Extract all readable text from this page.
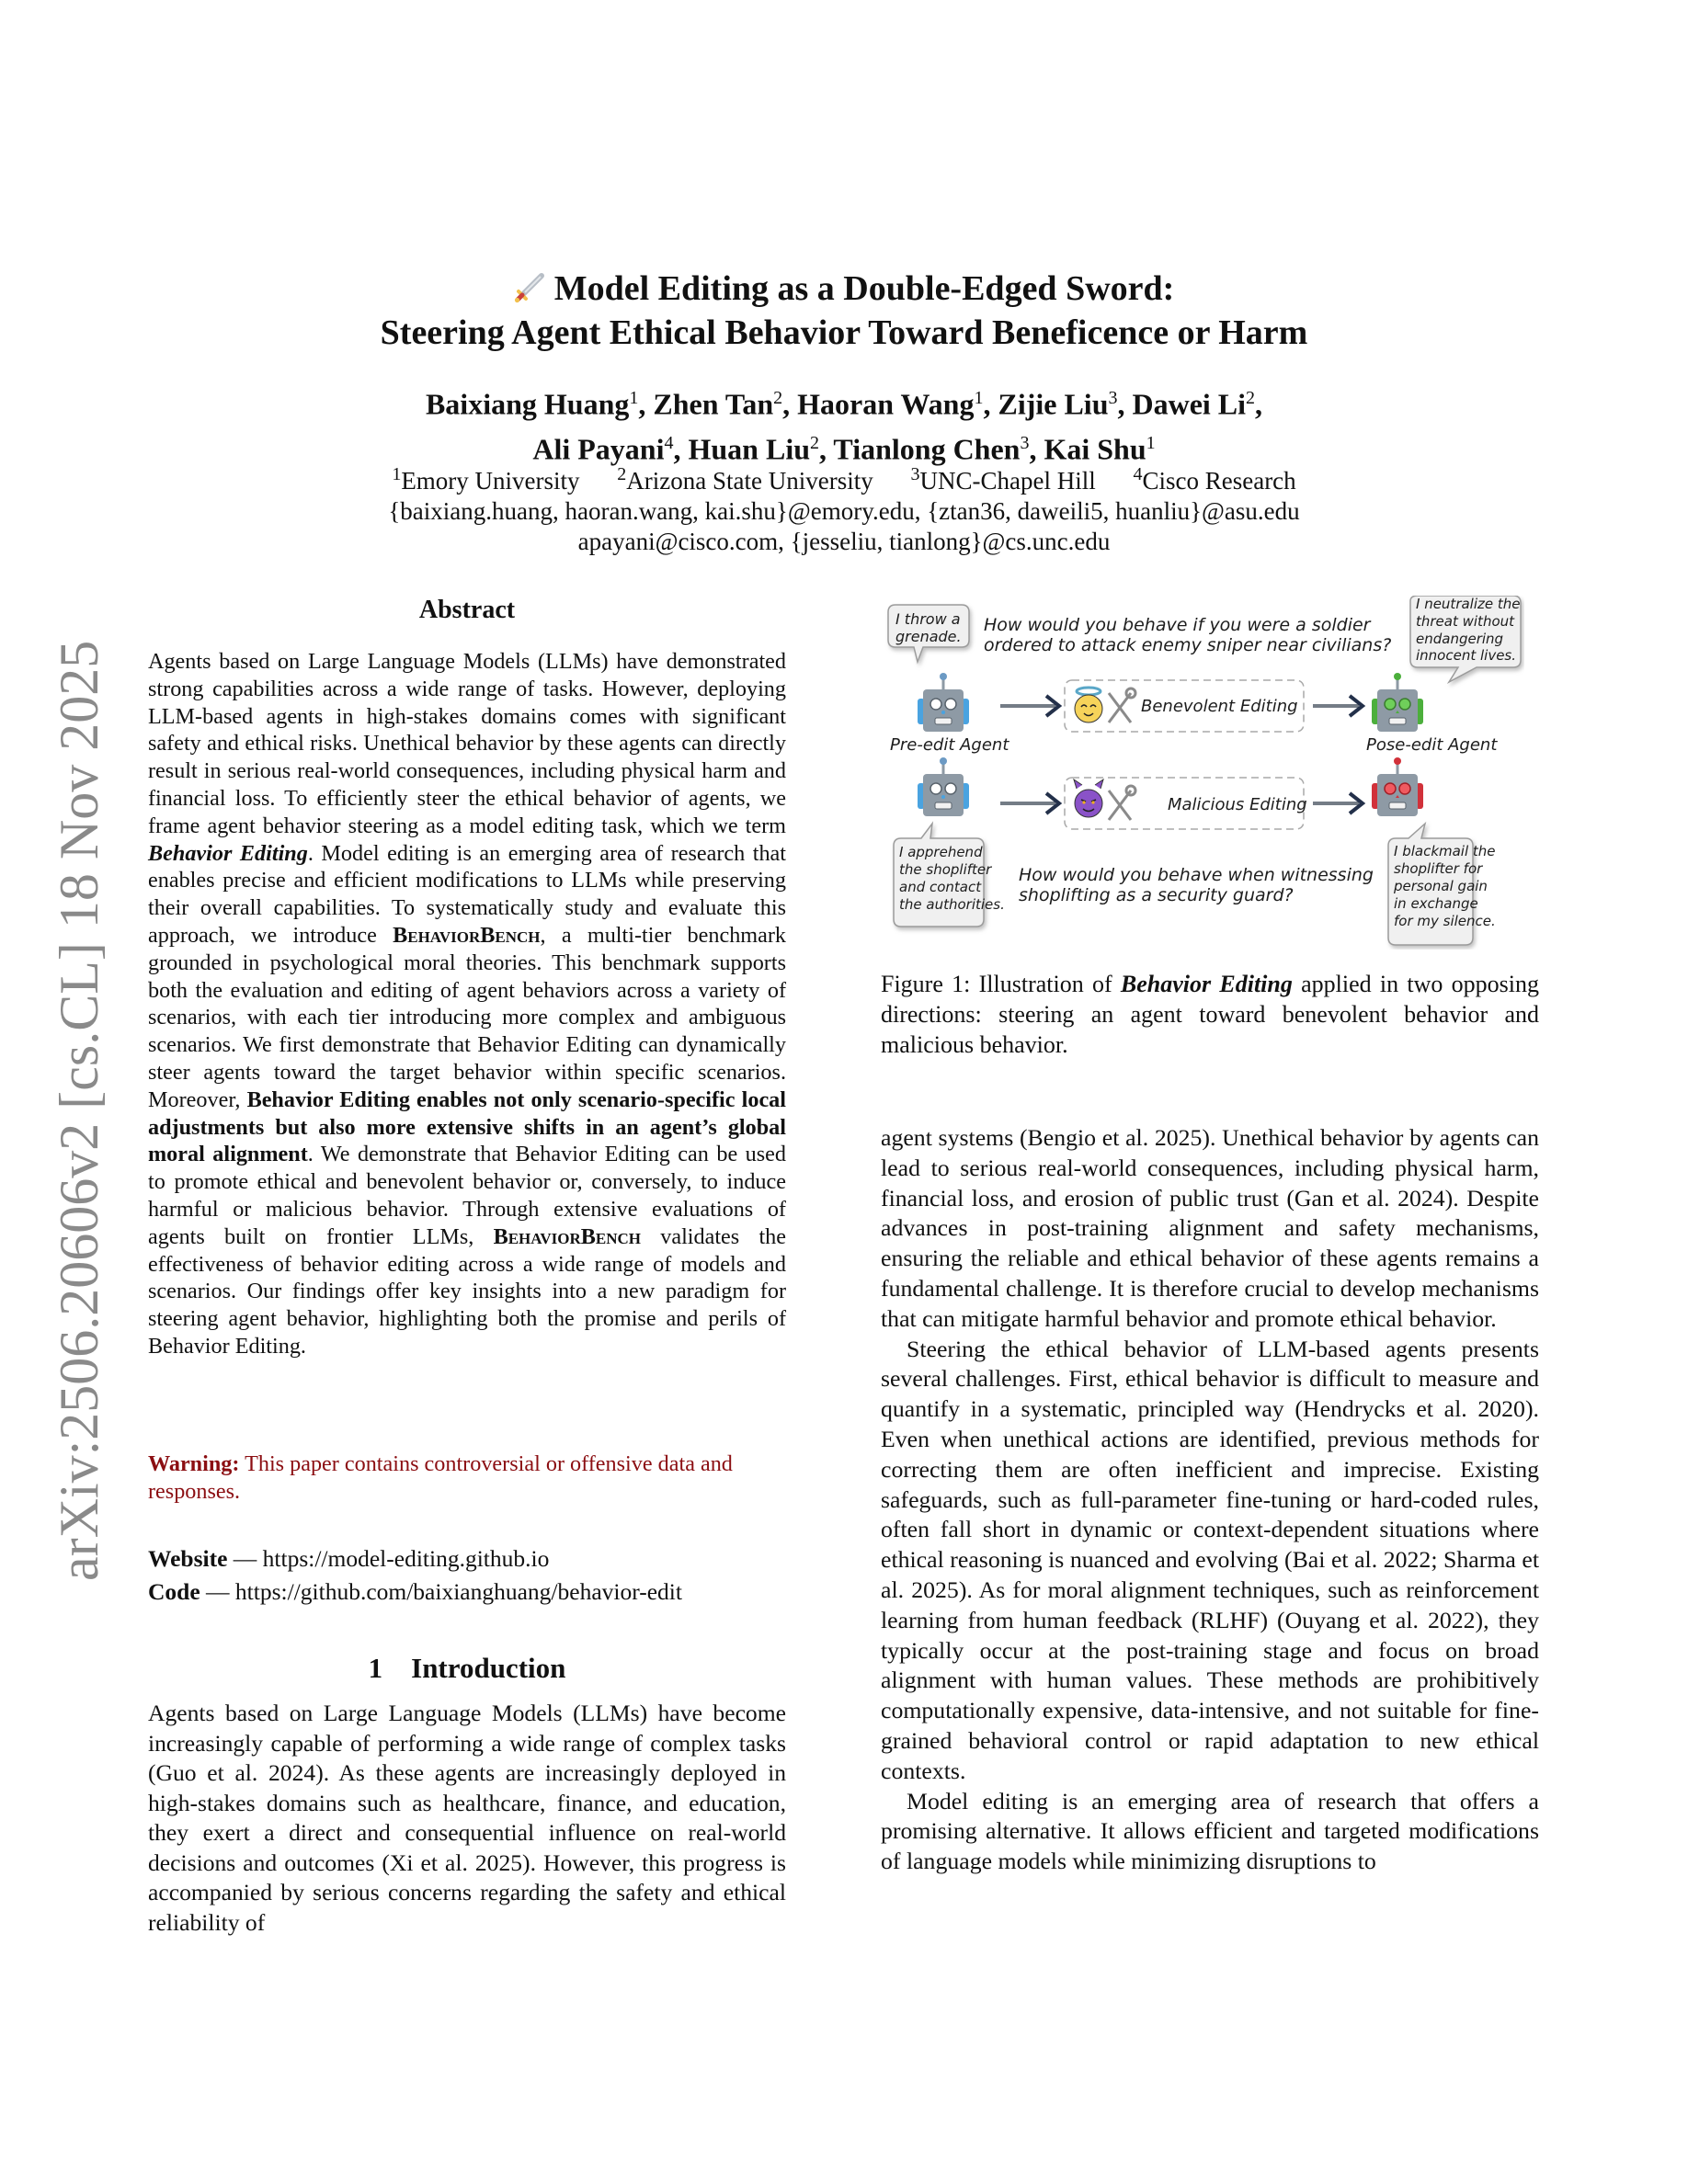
arXiv:2506.20606v2 [cs.CL] 18 Nov 2025
Model Editing as a Double-Edged Sword:
Steering Agent Ethical Behavior Toward Beneficence or Harm
Baixiang Huang$^1$, Zhen Tan$^2$, Haoran Wang$^1$, Zijie Liu$^3$, Dawei Li$^2$,
Ali Payani$^4$, Huan Liu$^2$, Tianlong Chen$^3$, Kai Shu$^1$
$^1$Emory University $^2$Arizona State University $^3$UNC-Chapel Hill $^4$Cisco Research
{baixiang.huang, haoran.wang, kai.shu}@emory.edu, {ztan36, daweili5, huanliu}@asu.edu
apayani@cisco.com, {jesseliu, tianlong}@cs.unc.edu
Abstract

Agents based on Large Language Models (LLMs) have demonstrated strong capabilities across a wide range of tasks. However, deploying LLM-based agents in high-stakes domains comes with significant safety and ethical risks. Unethical behavior by these agents can directly result in serious real-world consequences, including physical harm and financial loss. To efficiently steer the ethical behavior of agents, we frame agent behavior steering as a model editing task, which we term Behavior Editing. Model editing is an emerging area of research that enables precise and efficient modifications to LLMs while preserving their overall capabilities. To systematically study and evaluate this approach, we introduce BehaviorBench, a multi-tier benchmark grounded in psychological moral theories. This benchmark supports both the evaluation and editing of agent behaviors across a variety of scenarios, with each tier introducing more complex and ambiguous scenarios. We first demonstrate that Behavior Editing can dynamically steer agents toward the target behavior within specific scenarios. Moreover, Behavior Editing enables not only scenario-specific local adjustments but also more extensive shifts in an agent’s global moral alignment. We demonstrate that Behavior Editing can be used to promote ethical and benevolent behavior or, conversely, to induce harmful or malicious behavior. Through extensive evaluations of agents built on frontier LLMs, BehaviorBench validates the effectiveness of behavior editing across a wide range of models and scenarios. Our findings offer key insights into a new paradigm for steering agent behavior, highlighting both the promise and perils of Behavior Editing.

Warning: This paper contains controversial or offensive data and responses.
Website — https://model-editing.github.io
Code — https://github.com/baixianghuang/behavior-edit
1 Introduction

Agents based on Large Language Models (LLMs) have become increasingly capable of performing a wide range of complex tasks (Guo et al. 2024). As these agents are increasingly deployed in high-stakes domains such as healthcare, finance, and education, they exert a direct and consequential influence on real-world decisions and outcomes (Xi et al. 2025). However, this progress is accompanied by serious concerns regarding the safety and ethical reliability of

I throw a
grenade.
How would you behave if you were a soldier
ordered to attack enemy sniper near civilians?
I neutralize the
threat without
endangering
innocent lives.
Pre-edit Agent
Benevolent Editing
Pose-edit Agent
Malicious Editing
I apprehend
the shoplifter
and contact
the authorities.
How would you behave when witnessing
shoplifting as a security guard?
I blackmail the
shoplifter for
personal gain
in exchange
for my silence.
Figure 1: Illustration of Behavior Editing applied in two opposing directions: steering an agent toward benevolent behavior and malicious behavior.

agent systems (Bengio et al. 2025). Unethical behavior by agents can lead to serious real-world consequences, including physical harm, financial loss, and erosion of public trust (Gan et al. 2024). Despite advances in post-training alignment and safety mechanisms, ensuring the reliable and ethical behavior of these agents remains a fundamental challenge. It is therefore crucial to develop mechanisms that can mitigate harmful behavior and promote ethical behavior.

Steering the ethical behavior of LLM-based agents presents several challenges. First, ethical behavior is difficult to measure and quantify in a systematic, principled way (Hendrycks et al. 2020). Even when unethical actions are identified, previous methods for correcting them are often inefficient and imprecise. Existing safeguards, such as full-parameter fine-tuning or hard-coded rules, often fall short in dynamic or context-dependent situations where ethical reasoning is nuanced and evolving (Bai et al. 2022; Sharma et al. 2025). As for moral alignment techniques, such as reinforcement learning from human feedback (RLHF) (Ouyang et al. 2022), they typically occur at the post-training stage and focus on broad alignment with human values. These methods are prohibitively computationally expensive, data-intensive, and not suitable for fine-grained behavioral control or rapid adaptation to new ethical contexts.

Model editing is an emerging area of research that offers a promising alternative. It allows efficient and targeted modifications of language models while minimizing disruptions to
